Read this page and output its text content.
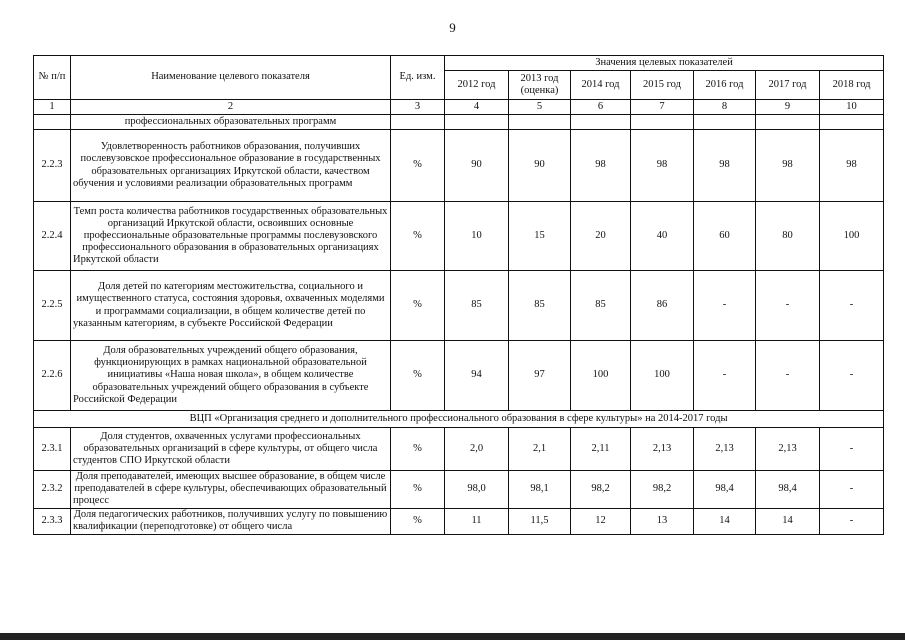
9
№ п/п	Наименование целевого показателя	Ед. изм.	Значения целевых показателей						
			2012 год	2013 год (оценка)	2014 год	2015 год	2016 год	2017 год	2018 год
1	2	3	4	5	6	7	8	9	10
	профессиональных образовательных программ								
2.2.3	Удовлетворенность работников образования, получивших послевузовское профессиональное образование в государственных образовательных организациях Иркутской области, качеством обучения и условиями реализации образовательных программ	%	90	90	98	98	98	98	98
2.2.4	Темп роста количества работников государственных образовательных организаций Иркутской области, освоивших основные профессиональные образовательные программы послевузовского профессионального образования в образовательных организациях Иркутской области	%	10	15	20	40	60	80	100
2.2.5	Доля детей по категориям местожительства, социального и имущественного статуса, состояния здоровья, охваченных моделями и программами социализации, в общем количестве детей по указанным категориям, в субъекте Российской Федерации	%	85	85	85	86	-	-	-
2.2.6	Доля образовательных учреждений общего образования, функционирующих в рамках национальной образовательной инициативы «Наша новая школа», в общем количестве образовательных учреждений общего образования в субъекте Российской Федерации	%	94	97	100	100	-	-	-
ВЦП «Организация среднего и дополнительного профессионального образования в сфере культуры» на 2014-2017 годы									
2.3.1	Доля студентов, охваченных услугами профессиональных образовательных организаций в сфере культуры, от общего числа студентов СПО Иркутской области	%	2,0	2,1	2,11	2,13	2,13	2,13	-
2.3.2	Доля преподавателей, имеющих высшее образование, в общем числе преподавателей в сфере культуры, обеспечивающих образовательный процесс	%	98,0	98,1	98,2	98,2	98,4	98,4	-
2.3.3	Доля педагогических работников, получивших услугу по повышению квалификации (переподготовке) от общего числа	%	11	11,5	12	13	14	14	-
